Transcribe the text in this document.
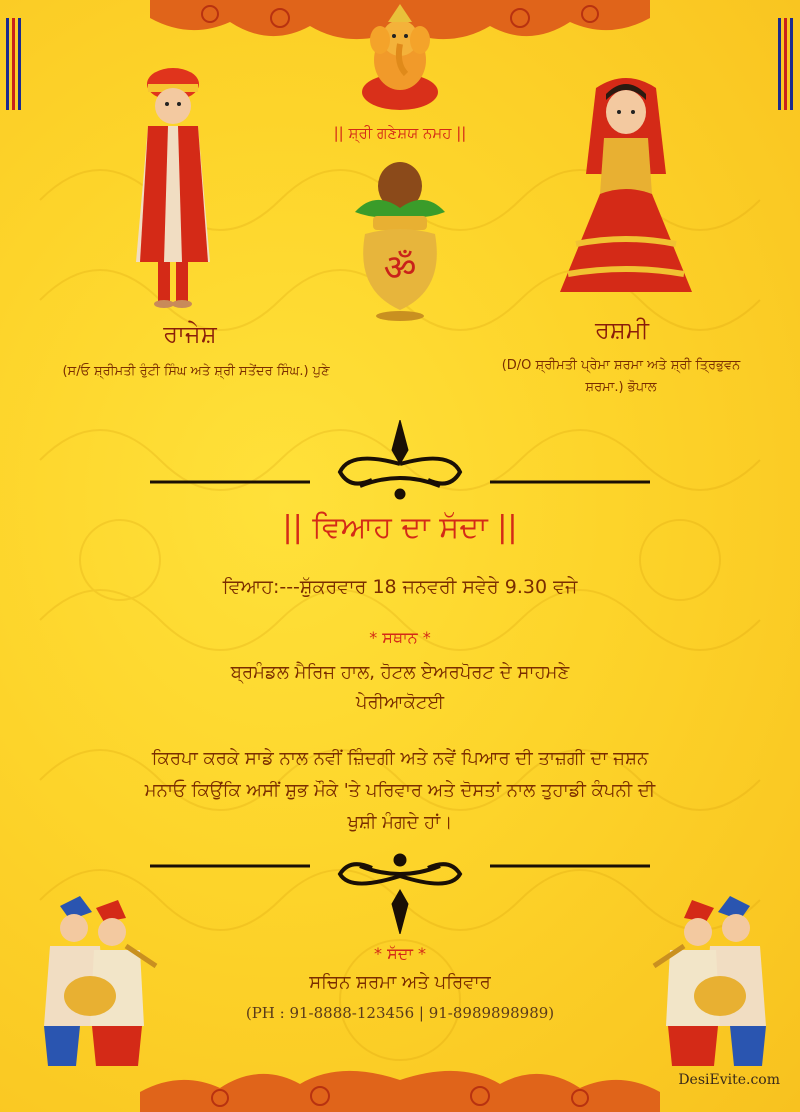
|| ਸ਼੍ਰੀ ਗਣੇਸ਼ਯ ਨਮਹ ||
ॐ
ਰਾਜੇਸ਼
(ਸ/ਓ ਸ਼੍ਰੀਮਤੀ ਰੁੰਟੀ ਸਿੰਘ ਅਤੇ ਸ਼੍ਰੀ ਸਤੇਂਦਰ ਸਿੰਘ.) ਪੁਣੇ
ਰਸ਼ਮੀ
(D/O ਸ਼੍ਰੀਮਤੀ ਪ੍ਰੇਮਾ ਸ਼ਰਮਾ ਅਤੇ ਸ਼੍ਰੀ ਤ੍ਰਿਭੁਵਨ
ਸ਼ਰਮਾ.) ਭੋਪਾਲ
|| ਵਿਆਹ ਦਾ ਸੱਦਾ ||
ਵਿਆਹ:---ਸ਼ੁੱਕਰਵਾਰ 18 ਜਨਵਰੀ ਸਵੇਰੇ 9.30 ਵਜੇ
* ਸਥਾਨ *
ਬ੍ਰਮੰਡਲ ਮੈਰਿਜ ਹਾਲ, ਹੋਟਲ ਏਅਰਪੋਰਟ ਦੇ ਸਾਹਮਣੇ
ਪੇਰੀਆਕੋਟਈ
ਕਿਰਪਾ ਕਰਕੇ ਸਾਡੇ ਨਾਲ ਨਵੀਂ ਜ਼ਿੰਦਗੀ ਅਤੇ ਨਵੇਂ ਪਿਆਰ ਦੀ ਤਾਜ਼ਗੀ ਦਾ ਜਸ਼ਨ
ਮਨਾਓ ਕਿਉਂਕਿ ਅਸੀਂ ਸ਼ੁਭ ਮੌਕੇ 'ਤੇ ਪਰਿਵਾਰ ਅਤੇ ਦੋਸਤਾਂ ਨਾਲ ਤੁਹਾਡੀ ਕੰਪਨੀ ਦੀ
ਖੁਸ਼ੀ ਮੰਗਦੇ ਹਾਂ।
* ਸੱਦਾ *
ਸਚਿਨ ਸ਼ਰਮਾ ਅਤੇ ਪਰਿਵਾਰ
(PH : 91-8888-123456 | 91-8989898989)
DesiEvite.com
